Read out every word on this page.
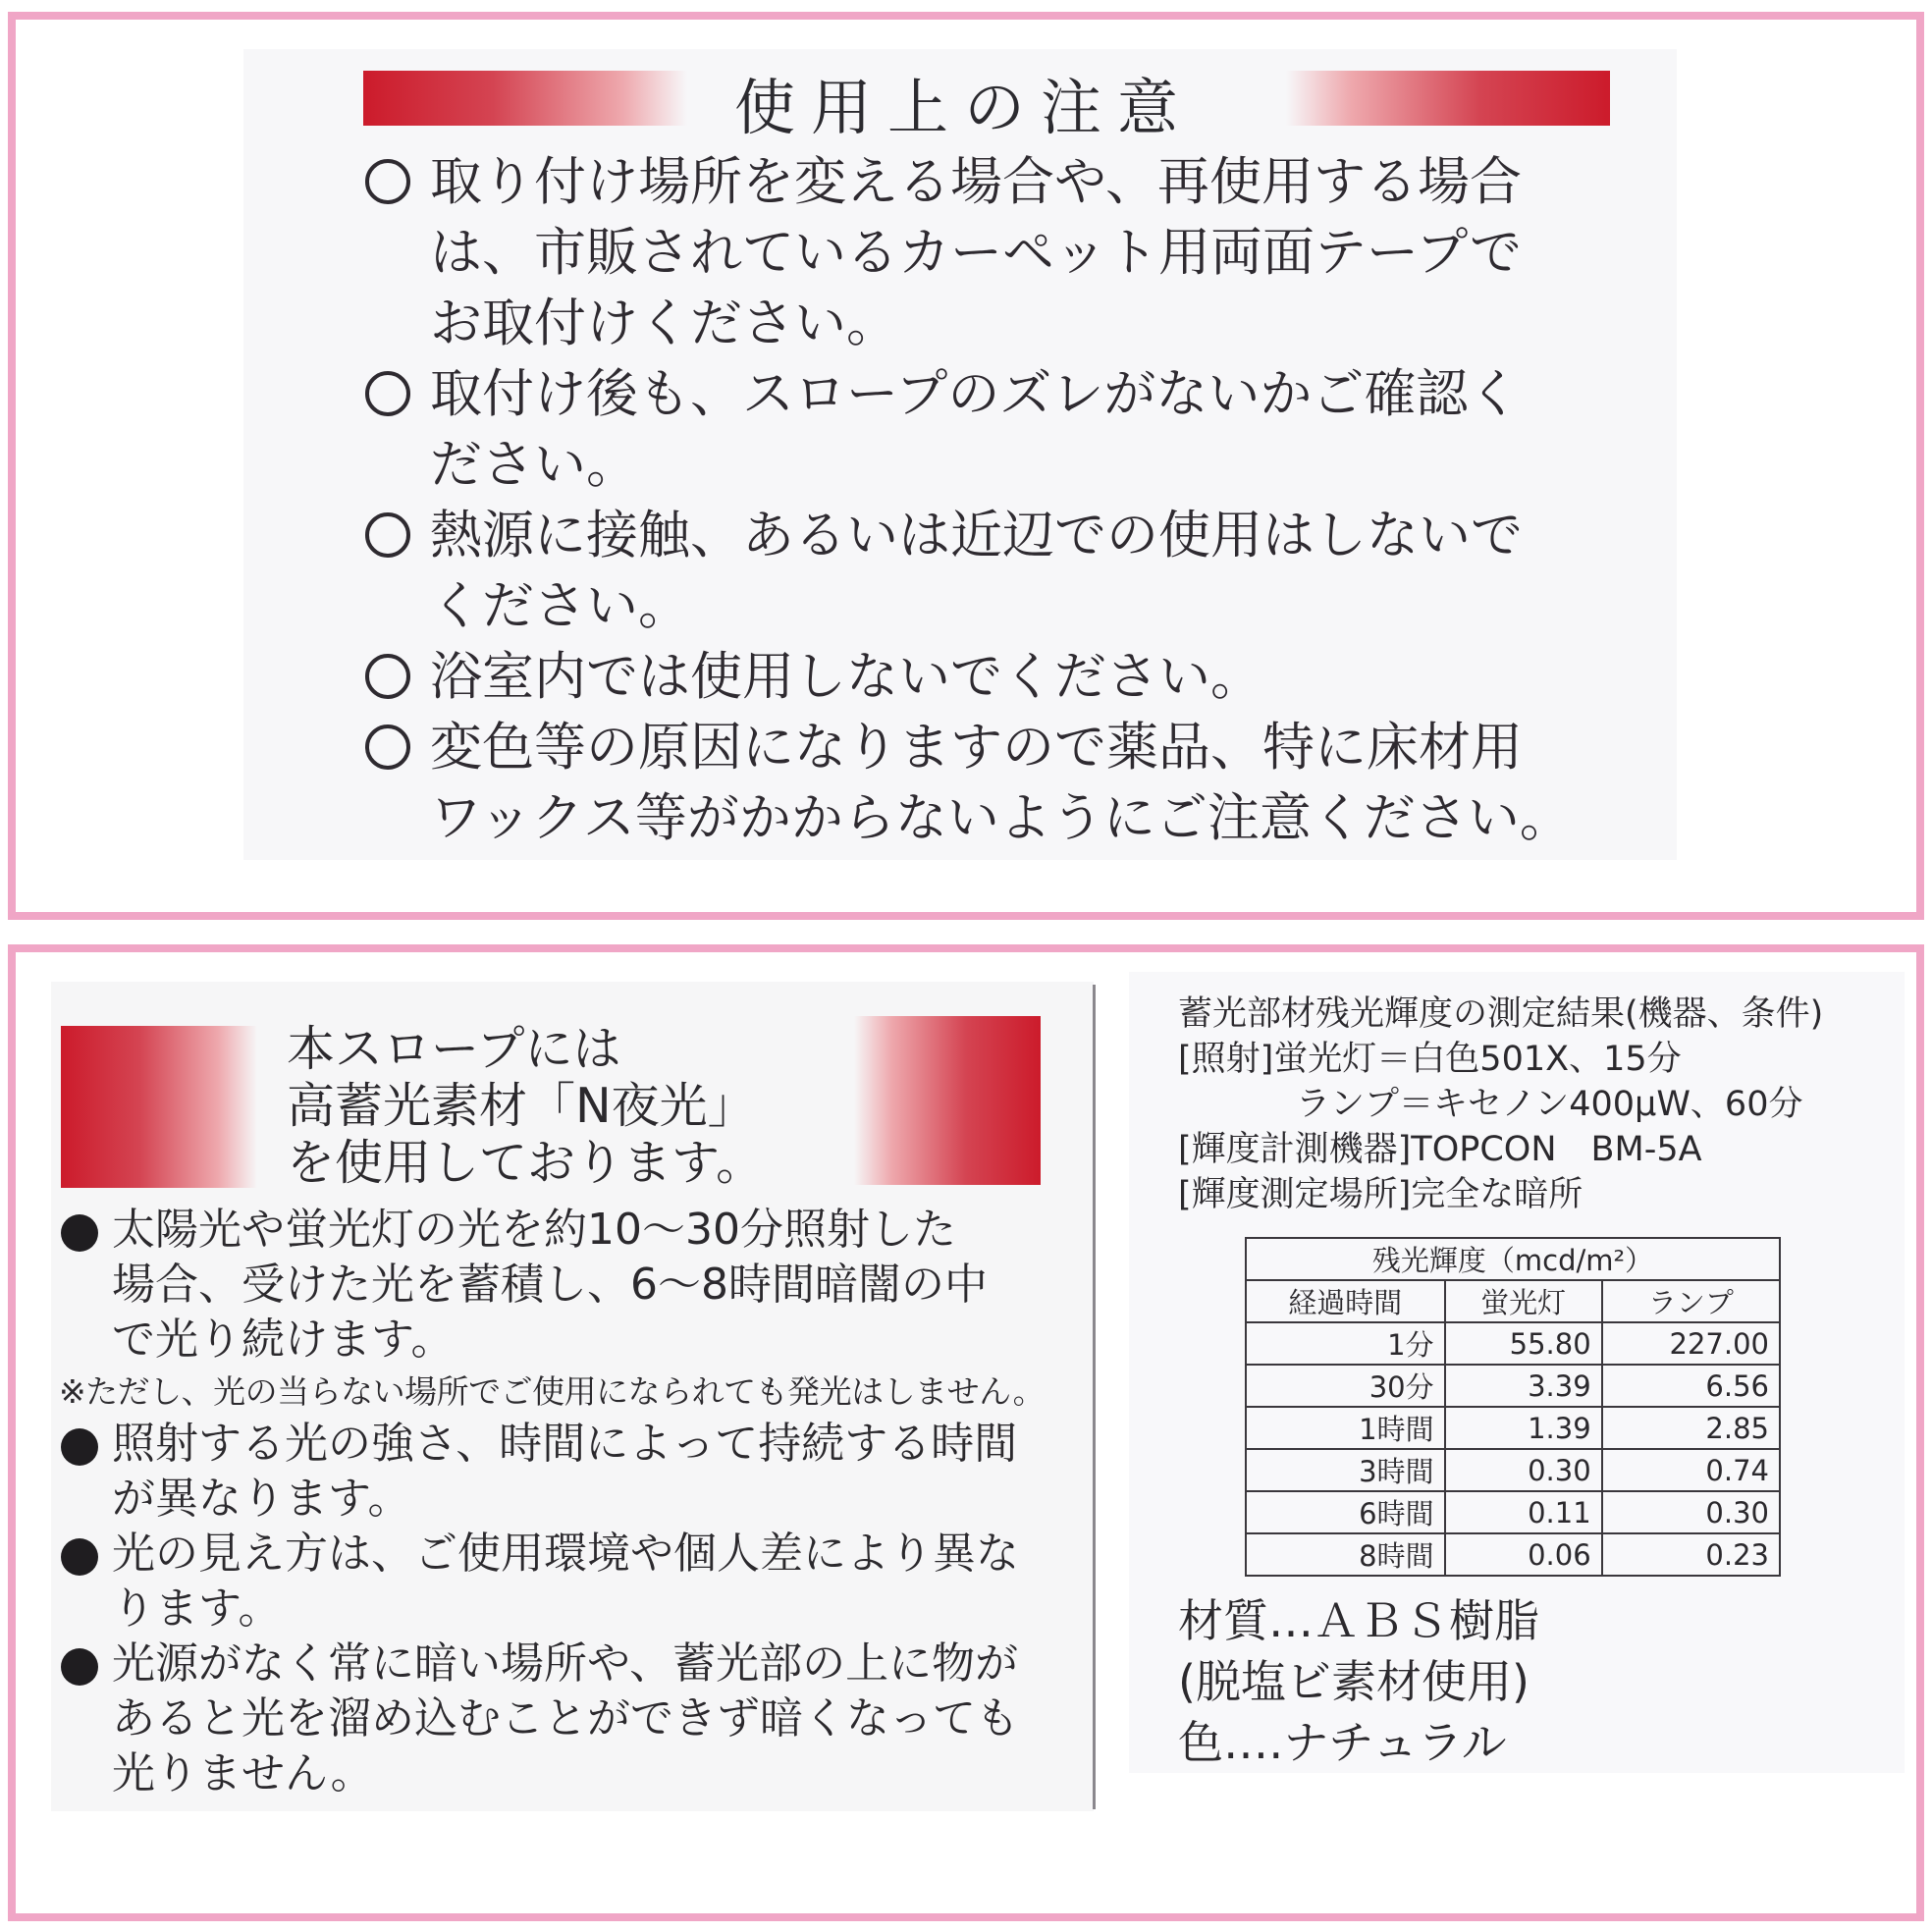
使用上の注意
取り付け場所を変える場合や、再使用する場合
は、市販されているカーペット用両面テープで
お取付けください。
取付け後も、スロープのズレがないかご確認く
ださい。
熱源に接触、あるいは近辺での使用はしないで
ください。
浴室内では使用しないでください。
変色等の原因になりますので薬品、特に床材用
ワックス等がかからないようにご注意ください。
本スロープには
高蓄光素材「N夜光」
を使用しております。
太陽光や蛍光灯の光を約10～30分照射した
場合、受けた光を蓄積し、6～8時間暗闇の中
で光り続けます。
※ただし、光の当らない場所でご使用になられても発光はしません。
照射する光の強さ、時間によって持続する時間
が異なります。
光の見え方は、ご使用環境や個人差により異な
ります。
光源がなく常に暗い場所や、蓄光部の上に物が
あると光を溜め込むことができず暗くなっても
光りません。
蓄光部材残光輝度の測定結果(機器、条件)
[照射]蛍光灯＝白色501X、15分
ランプ＝キセノン400μW、60分
[輝度計測機器]TOPCON　BM-5A
[輝度測定場所]完全な暗所
残光輝度（mcd/m²）		
経過時間	蛍光灯	ランプ
1分	55.80	227.00
30分	3.39	6.56
1時間	1.39	2.85
3時間	0.30	0.74
6時間	0.11	0.30
8時間	0.06	0.23
材質…ＡＢＳ樹脂
(脱塩ビ素材使用)
色‥‥ナチュラル
